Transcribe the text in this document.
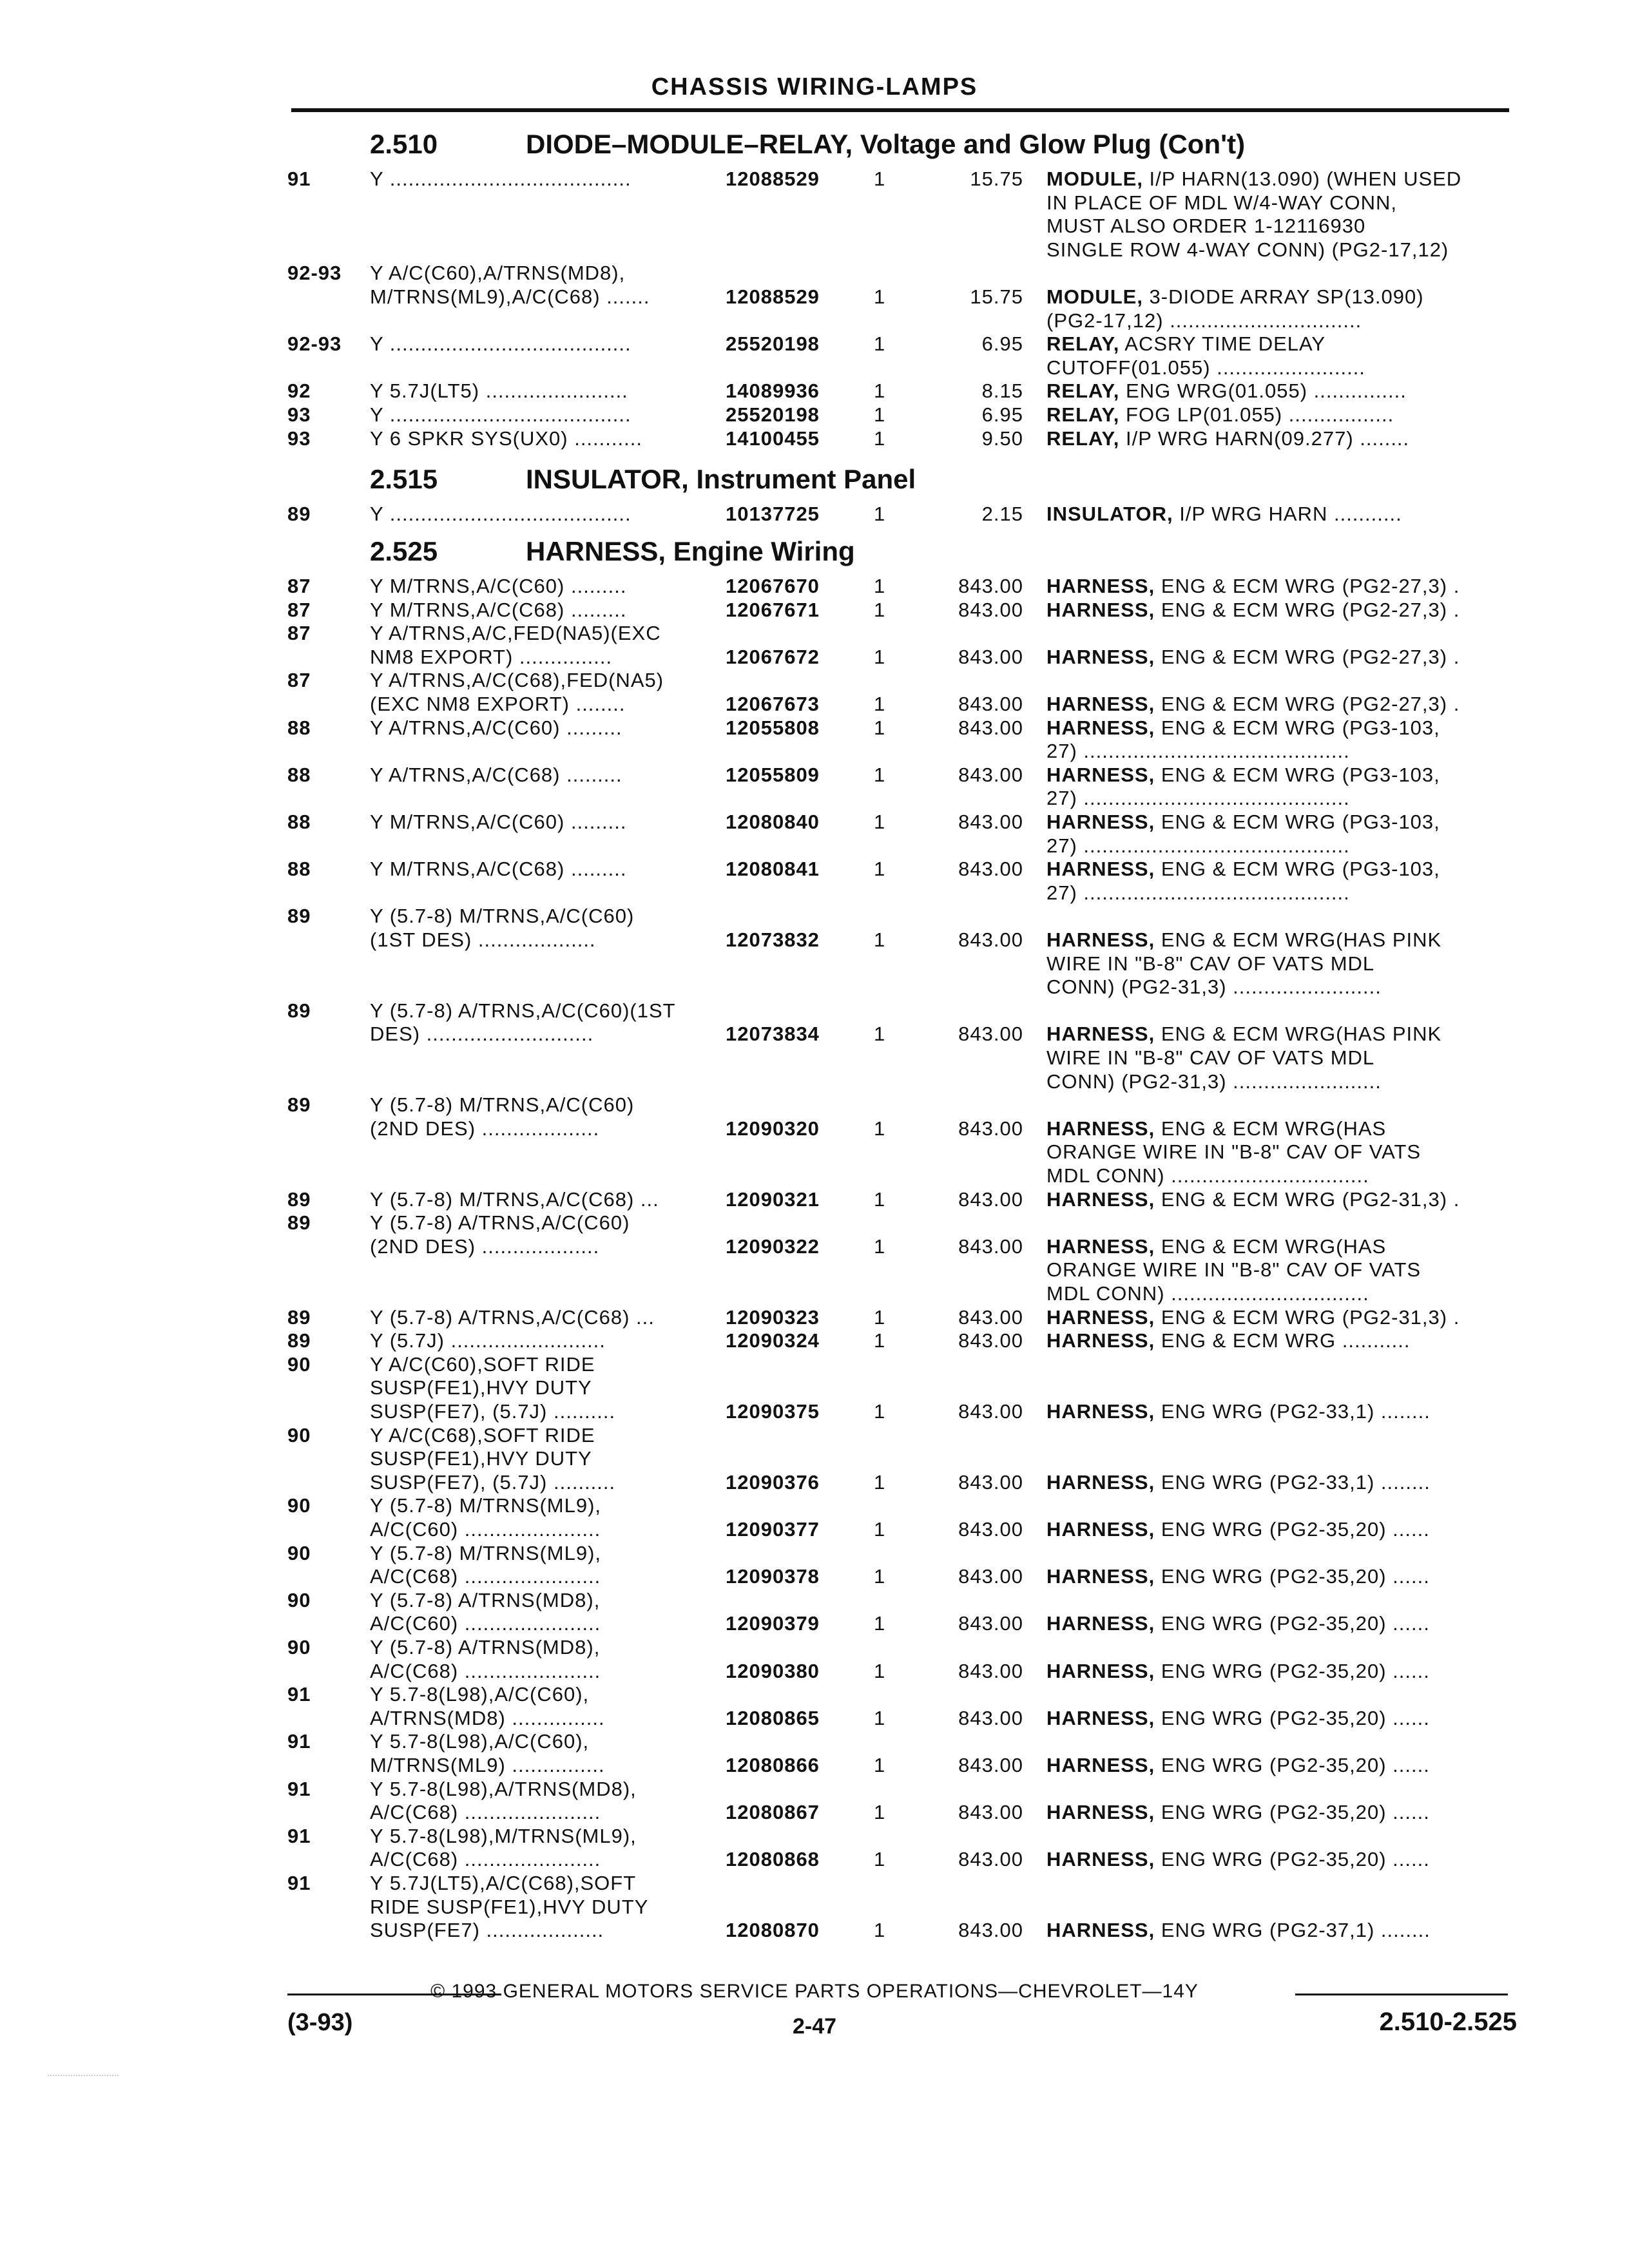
CHASSIS WIRING-LAMPS
2.510	DIODE–MODULE–RELAY, Voltage and Glow Plug (Con't)
91	Y .......................................	12088529	1	15.75 MODULE, I/P HARN(13.090) (WHEN USED
IN PLACE OF MDL W/4-WAY CONN,
MUST ALSO ORDER 1-12116930
SINGLE ROW 4-WAY CONN) (PG2-17,12)
92-93 Y A/C(C60),A/TRNS(MD8),
M/TRNS(ML9),A/C(C68) .......	12088529	1	15.75 MODULE, 3-DIODE ARRAY SP(13.090)
(PG2-17,12) ...............................
92-93 Y .......................................	25520198	1	6.95 RELAY, ACSRY TIME DELAY
CUTOFF(01.055) ........................
92	Y 5.7J(LT5) .......................	14089936	1	8.15 RELAY, ENG WRG(01.055) ...............
93	Y .......................................	25520198	1	6.95 RELAY, FOG LP(01.055) .................
93	Y 6 SPKR SYS(UX0) ...........	14100455	1	9.50 RELAY, I/P WRG HARN(09.277) ........
2.515	INSULATOR, Instrument Panel
89	Y .......................................	10137725	1	2.15 INSULATOR, I/P WRG HARN ...........
2.525	HARNESS, Engine Wiring
87	Y M/TRNS,A/C(C60) .........	12067670	1	843.00 HARNESS, ENG & ECM WRG (PG2-27,3) .
87	Y M/TRNS,A/C(C68) .........	12067671	1	843.00 HARNESS, ENG & ECM WRG (PG2-27,3) .
87	Y A/TRNS,A/C,FED(NA5)(EXC
NM8 EXPORT) ...............	12067672	1	843.00 HARNESS, ENG & ECM WRG (PG2-27,3) .
87	Y A/TRNS,A/C(C68),FED(NA5)
(EXC NM8 EXPORT) ........	12067673	1	843.00 HARNESS, ENG & ECM WRG (PG2-27,3) .
88	Y A/TRNS,A/C(C60) .........	12055808	1	843.00 HARNESS, ENG & ECM WRG (PG3-103,
27) ...........................................
88	Y A/TRNS,A/C(C68) .........	12055809	1	843.00 HARNESS, ENG & ECM WRG (PG3-103,
27) ...........................................
88	Y M/TRNS,A/C(C60) .........	12080840	1	843.00 HARNESS, ENG & ECM WRG (PG3-103,
27) ...........................................
88	Y M/TRNS,A/C(C68) .........	12080841	1	843.00 HARNESS, ENG & ECM WRG (PG3-103,
27) ...........................................
89	Y (5.7-8) M/TRNS,A/C(C60)
(1ST DES) ...................	12073832	1	843.00 HARNESS, ENG & ECM WRG(HAS PINK
WIRE IN "B-8" CAV OF VATS MDL
CONN) (PG2-31,3) ........................
89	Y (5.7-8) A/TRNS,A/C(C60)(1ST
DES) ...........................	12073834	1	843.00 HARNESS, ENG & ECM WRG(HAS PINK
WIRE IN "B-8" CAV OF VATS MDL
CONN) (PG2-31,3) ........................
89	Y (5.7-8) M/TRNS,A/C(C60)
(2ND DES) ...................	12090320	1	843.00 HARNESS, ENG & ECM WRG(HAS
ORANGE WIRE IN "B-8" CAV OF VATS
MDL CONN) ................................
89	Y (5.7-8) M/TRNS,A/C(C68) ...	12090321	1	843.00 HARNESS, ENG & ECM WRG (PG2-31,3) .
89	Y (5.7-8) A/TRNS,A/C(C60)
(2ND DES) ...................	12090322	1	843.00 HARNESS, ENG & ECM WRG(HAS
ORANGE WIRE IN "B-8" CAV OF VATS
MDL CONN) ................................
89	Y (5.7-8) A/TRNS,A/C(C68) ...	12090323	1	843.00 HARNESS, ENG & ECM WRG (PG2-31,3) .
89	Y (5.7J) .........................	12090324	1	843.00 HARNESS, ENG & ECM WRG ...........
90	Y A/C(C60),SOFT RIDE
SUSP(FE1),HVY DUTY
SUSP(FE7), (5.7J) ..........	12090375	1	843.00 HARNESS, ENG WRG (PG2-33,1) ........
90	Y A/C(C68),SOFT RIDE
SUSP(FE1),HVY DUTY
SUSP(FE7), (5.7J) ..........	12090376	1	843.00 HARNESS, ENG WRG (PG2-33,1) ........
90	Y (5.7-8) M/TRNS(ML9),
A/C(C60) ......................	12090377	1	843.00 HARNESS, ENG WRG (PG2-35,20) ......
90	Y (5.7-8) M/TRNS(ML9),
A/C(C68) ......................	12090378	1	843.00 HARNESS, ENG WRG (PG2-35,20) ......
90	Y (5.7-8) A/TRNS(MD8),
A/C(C60) ......................	12090379	1	843.00 HARNESS, ENG WRG (PG2-35,20) ......
90	Y (5.7-8) A/TRNS(MD8),
A/C(C68) ......................	12090380	1	843.00 HARNESS, ENG WRG (PG2-35,20) ......
91	Y 5.7-8(L98),A/C(C60),
A/TRNS(MD8) ...............	12080865	1	843.00 HARNESS, ENG WRG (PG2-35,20) ......
91	Y 5.7-8(L98),A/C(C60),
M/TRNS(ML9) ...............	12080866	1	843.00 HARNESS, ENG WRG (PG2-35,20) ......
91	Y 5.7-8(L98),A/TRNS(MD8),
A/C(C68) ......................	12080867	1	843.00 HARNESS, ENG WRG (PG2-35,20) ......
91	Y 5.7-8(L98),M/TRNS(ML9),
A/C(C68) ......................	12080868	1	843.00 HARNESS, ENG WRG (PG2-35,20) ......
91	Y 5.7J(LT5),A/C(C68),SOFT
RIDE SUSP(FE1),HVY DUTY
SUSP(FE7) ...................	12080870	1	843.00 HARNESS, ENG WRG (PG2-37,1) ........
© 1993 GENERAL MOTORS SERVICE PARTS OPERATIONS—CHEVROLET—14Y
(3-93)	2-47	2.510-2.525
